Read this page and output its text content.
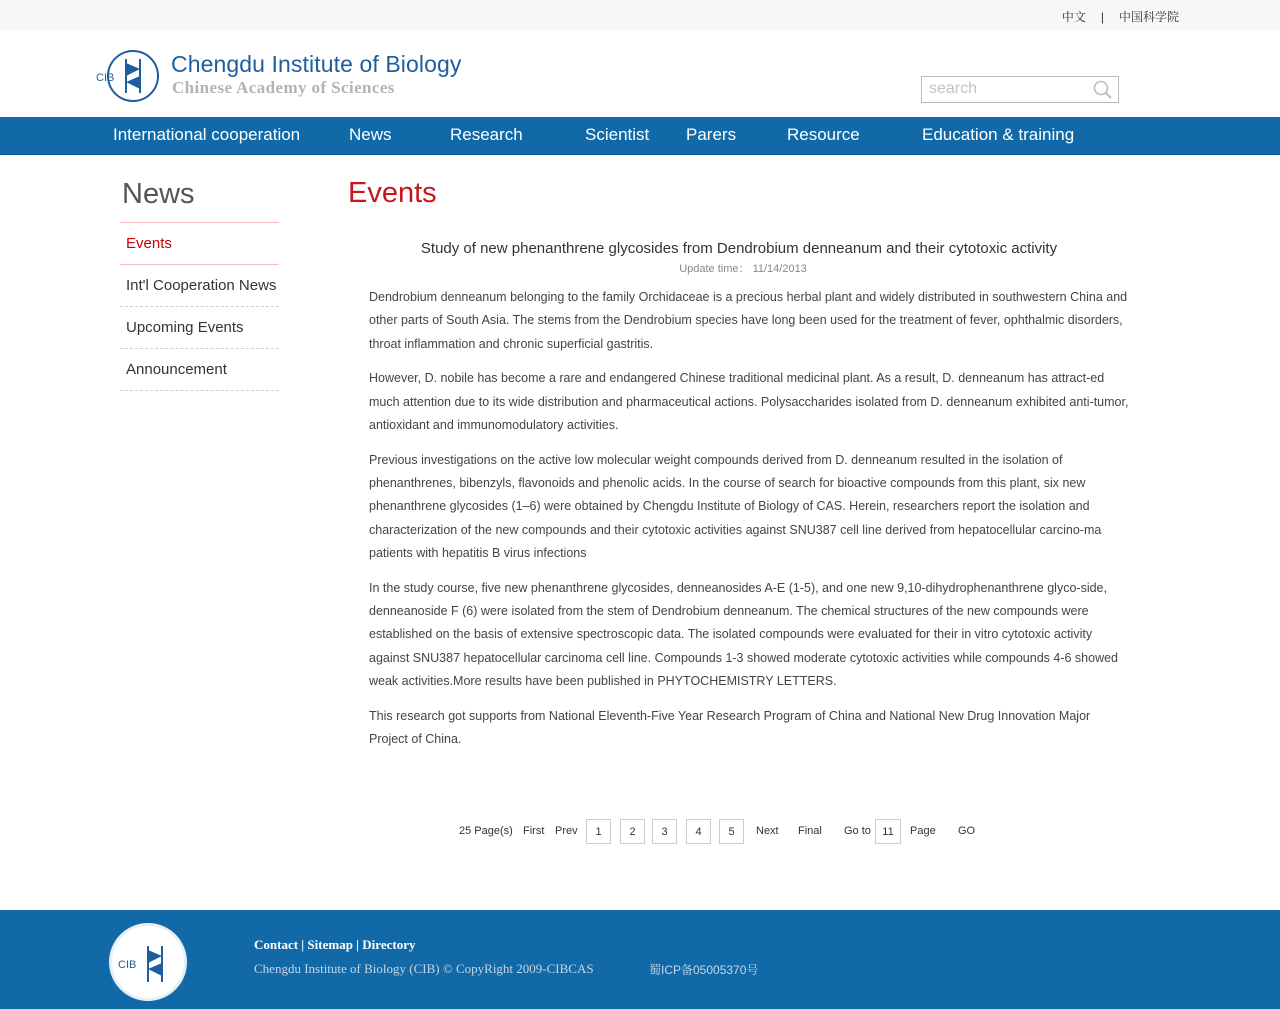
中文 | 中国科学院
CIB
Chengdu Institute of Biology
Chinese Academy of Sciences
search
International cooperation	News	Research	Scientist Parers	Resource	Education & training
News
Events
Int'l Cooperation News
Upcoming Events
Announcement
Events
Study of new phenanthrene glycosides from Dendrobium denneanum and their cytotoxic activity
Update time： 11/14/2013

Dendrobium denneanum belonging to the family Orchidaceae is a precious herbal plant and widely distributed in southwestern China and other parts of South Asia. The stems from the Dendrobium species have long been used for the treatment of fever, ophthalmic disorders, throat inflammation and chronic superficial gastritis.

However, D. nobile has become a rare and endangered Chinese traditional medicinal plant. As a result, D. denneanum has attract-ed much attention due to its wide distribution and pharmaceutical actions. Polysaccharides isolated from D. denneanum exhibited anti-tumor, antioxidant and immunomodulatory activities.

Previous investigations on the active low molecular weight compounds derived from D. denneanum resulted in the isolation of phenanthrenes, bibenzyls, flavonoids and phenolic acids. In the course of search for bioactive compounds from this plant, six new phenanthrene glycosides (1–6) were obtained by Chengdu Institute of Biology of CAS. Herein, researchers report the isolation and characterization of the new compounds and their cytotoxic activities against SNU387 cell line derived from hepatocellular carcino-ma patients with hepatitis B virus infections

In the study course, five new phenanthrene glycosides, denneanosides A-E (1-5), and one new 9,10-dihydrophenanthrene glyco-side, denneanoside F (6) were isolated from the stem of Dendrobium denneanum. The chemical structures of the new compounds were established on the basis of extensive spectroscopic data. The isolated compounds were evaluated for their in vitro cytotoxic activity against SNU387 hepatocellular carcinoma cell line. Compounds 1-3 showed moderate cytotoxic activities while compounds 4-6 showed weak activities.More results have been published in PHYTOCHEMISTRY LETTERS.

This research got supports from National Eleventh-Five Year Research Program of China and National New Drug Innovation Major Project of China.

25 Page(s) First Prev	1	2	3	4	5	Next Final Go to	11	Page GO
CIB
Contact | Sitemap | Directory
Chengdu Institute of Biology (CIB) © CopyRight 2009-CIBCAS	蜀ICP备05005370号
